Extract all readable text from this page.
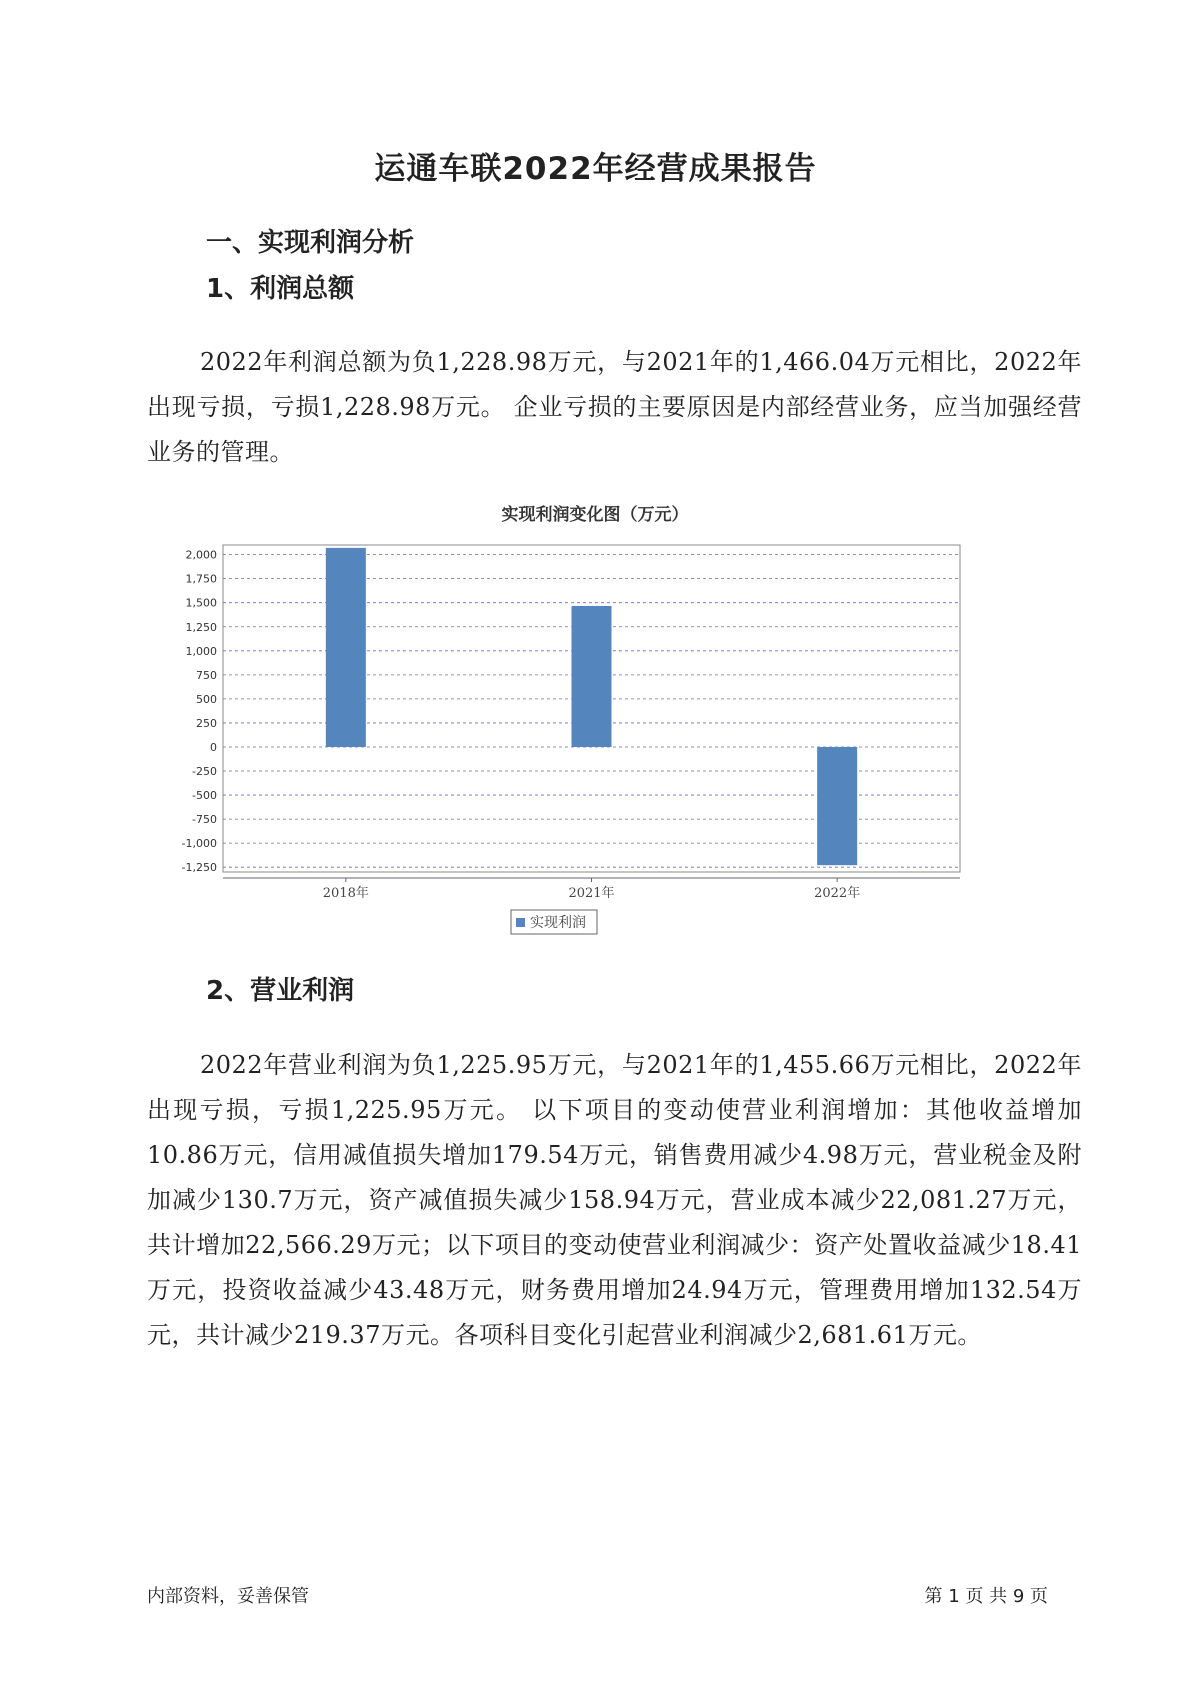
运通车联2022年经营成果报告
一、实现利润分析
1、利润总额
2022年利润总额为负1,228.98万元，与2021年的1,466.04万元相比，2022年出现亏损，亏损1,228.98万元。 企业亏损的主要原因是内部经营业务，应当加强经营业务的管理。
实现利润变化图（万元）
2,000
1,750
1,500
1,250
1,000
750
500
250
0
-250
-500
-750
-1,000
-1,250
2018年	2021年	2022年
实现利润
2、营业利润
2022年营业利润为负1,225.95万元，与2021年的1,455.66万元相比，2022年出现亏损，亏损1,225.95万元。 以下项目的变动使营业利润增加：其他收益增加10.86万元，信用减值损失增加179.54万元，销售费用减少4.98万元，营业税金及附加减少130.7万元，资产减值损失减少158.94万元，营业成本减少22,081.27万元，共计增加22,566.29万元；以下项目的变动使营业利润减少：资产处置收益减少18.41万元，投资收益减少43.48万元，财务费用增加24.94万元，管理费用增加132.54万元，共计减少219.37万元。各项科目变化引起营业利润减少2,681.61万元。
内部资料，妥善保管	第 1 页 共 9 页
